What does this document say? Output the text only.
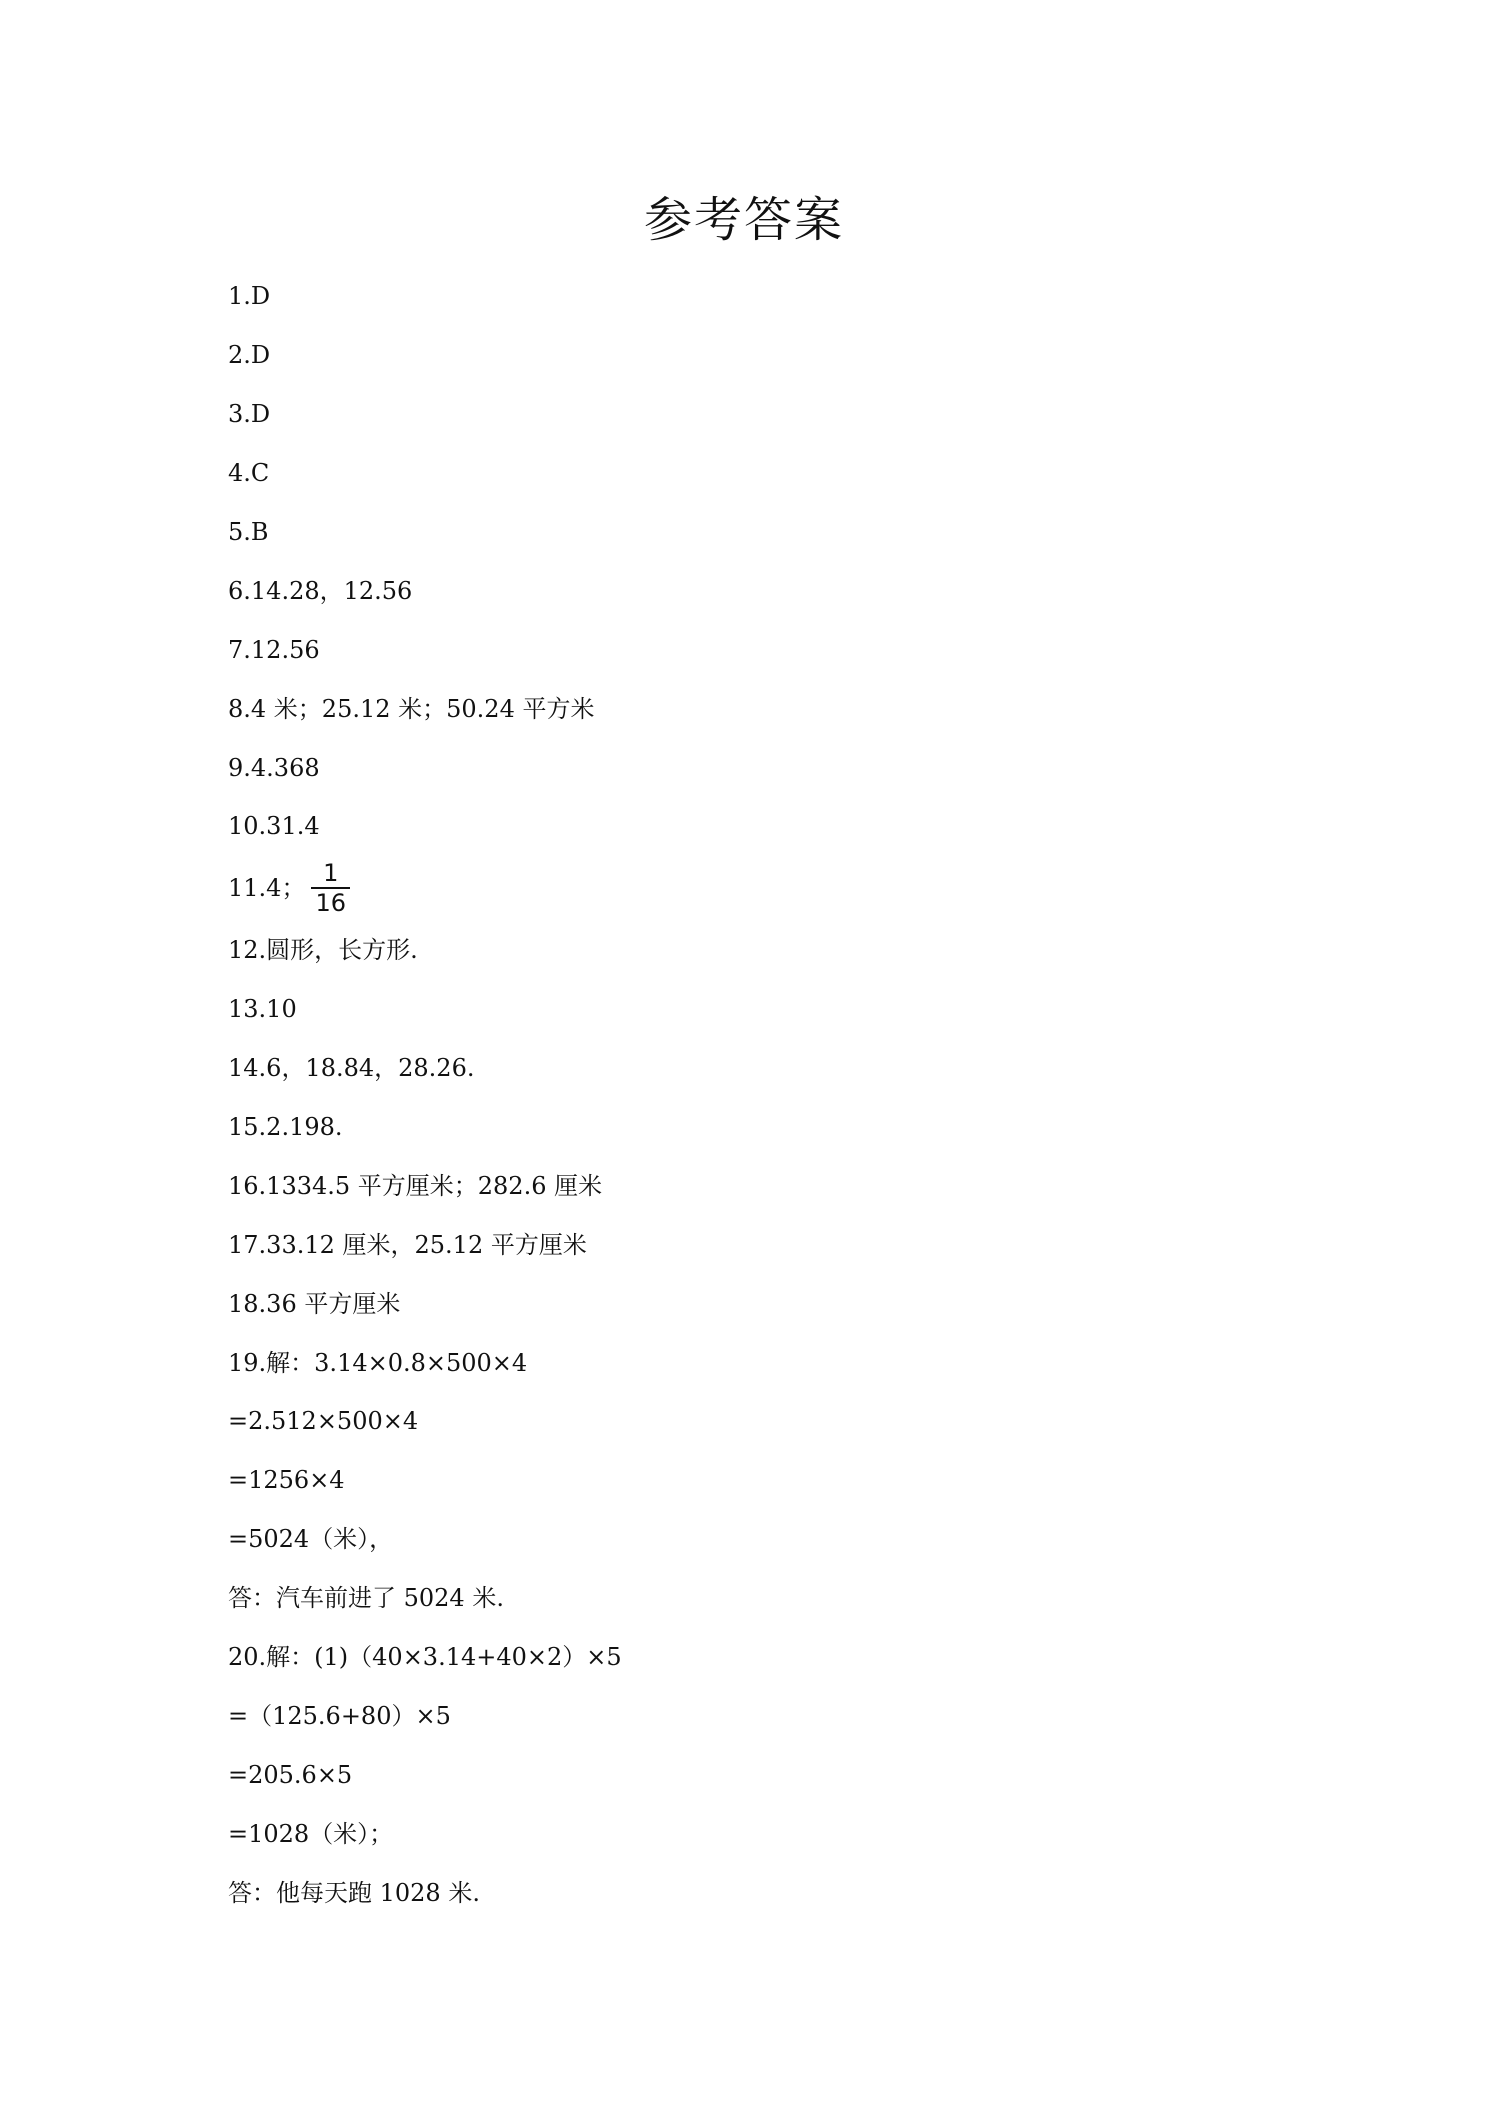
参考答案
1.D
2.D
3.D
4.C
5.B
6.14.28，12.56
7.12.56
8.4 米；25.12 米；50.24 平方米
9.4.368
10.31.4
11.4； $\frac{1}{16}$
12.圆形，长方形.
13.10
14.6，18.84，28.26.
15.2.198.
16.1334.5 平方厘米；282.6 厘米
17.33.12 厘米，25.12 平方厘米
18.36 平方厘米
19.解：3.14×0.8×500×4
=2.512×500×4
=1256×4
=5024（米），
答：汽车前进了 5024 米.
20.解：(1)（40×3.14+40×2）×5
=（125.6+80）×5
=205.6×5
=1028（米）；
答：他每天跑 1028 米.
